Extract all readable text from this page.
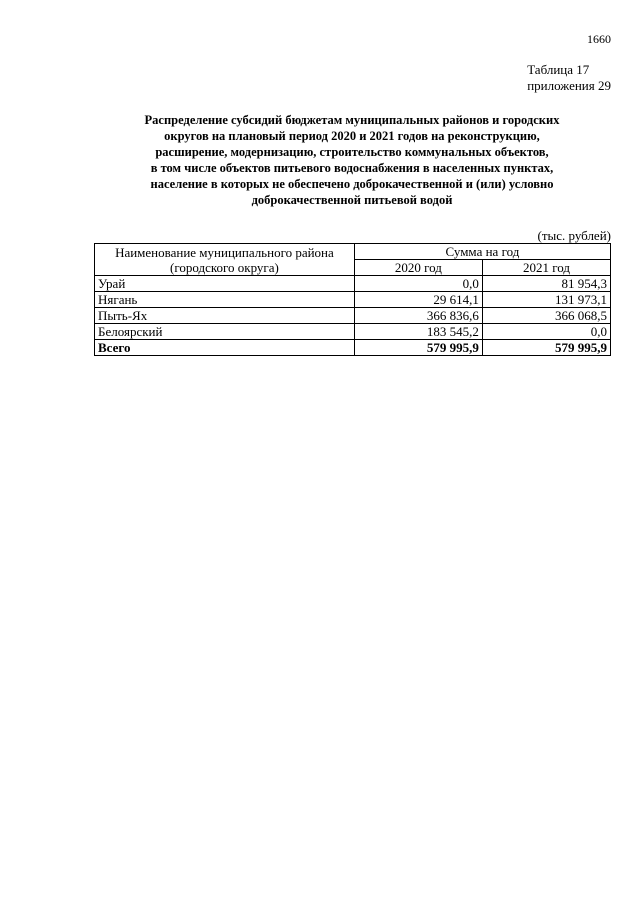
1660
Таблица 17
приложения 29
Распределение субсидий бюджетам муниципальных районов и городских
округов на плановый период 2020 и 2021 годов на реконструкцию,
расширение, модернизацию, строительство коммунальных объектов,
в том числе объектов питьевого водоснабжения в населенных пунктах,
население в которых не обеспечено доброкачественной и (или) условно
доброкачественной питьевой водой
(тыс. рублей)
Наименование муниципального района
(городского округа)	Сумма на год	
	2020 год	2021 год
Урай	0,0	81 954,3
Нягань	29 614,1	131 973,1
Пыть-Ях	366 836,6	366 068,5
Белоярский	183 545,2	0,0
Всего	579 995,9	579 995,9
